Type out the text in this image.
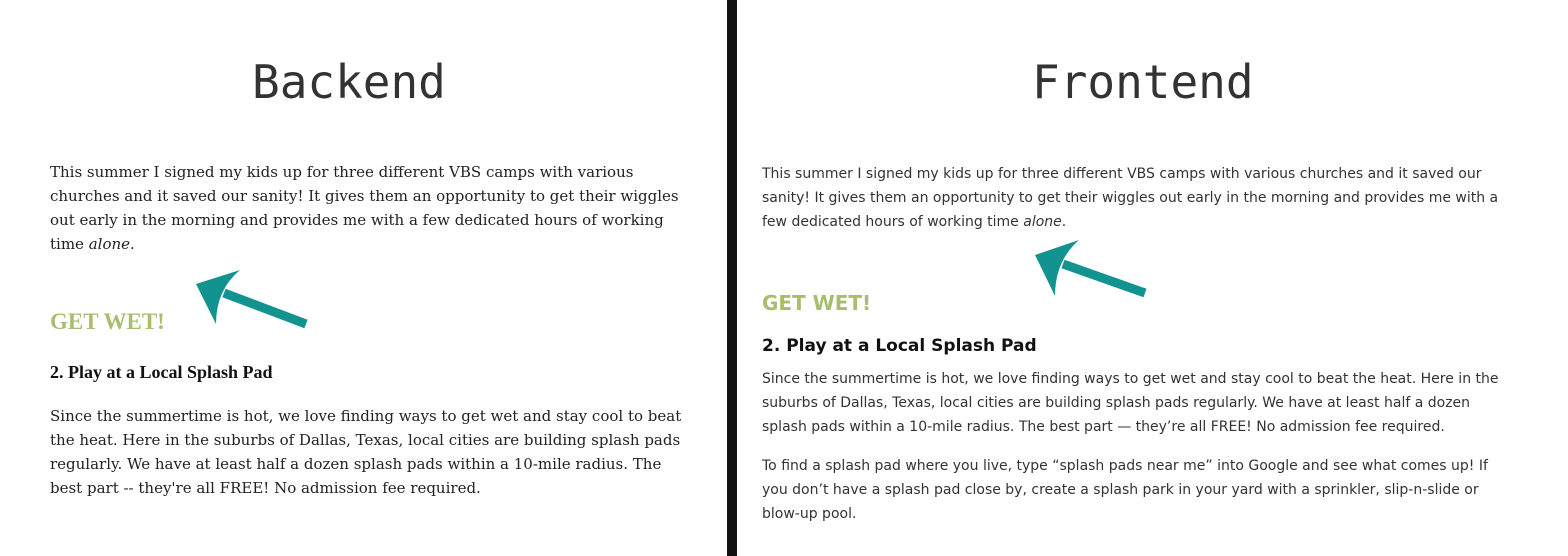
Backend

This summer I signed my kids up for three different VBS camps with various churches and it saved our sanity! It gives them an opportunity to get their wiggles out early in the morning and provides me with a few dedicated hours of working time alone.

GET WET!
2. Play at a Local Splash Pad

Since the summertime is hot, we love finding ways to get wet and stay cool to beat the heat. Here in the suburbs of Dallas, Texas, local cities are building splash pads regularly. We have at least half a dozen splash pads within a 10-mile radius. The best part -- they're all FREE! No admission fee required.

Frontend

This summer I signed my kids up for three different VBS camps with various churches and it saved our sanity! It gives them an opportunity to get their wiggles out early in the morning and provides me with a few dedicated hours of working time alone.

GET WET!
2. Play at a Local Splash Pad

Since the summertime is hot, we love finding ways to get wet and stay cool to beat the heat. Here in the suburbs of Dallas, Texas, local cities are building splash pads regularly. We have at least half a dozen splash pads within a 10-mile radius. The best part — they’re all FREE! No admission fee required.

To find a splash pad where you live, type “splash pads near me” into Google and see what comes up! If you don’t have a splash pad close by, create a splash park in your yard with a sprinkler, slip-n-slide or blow-up pool.
